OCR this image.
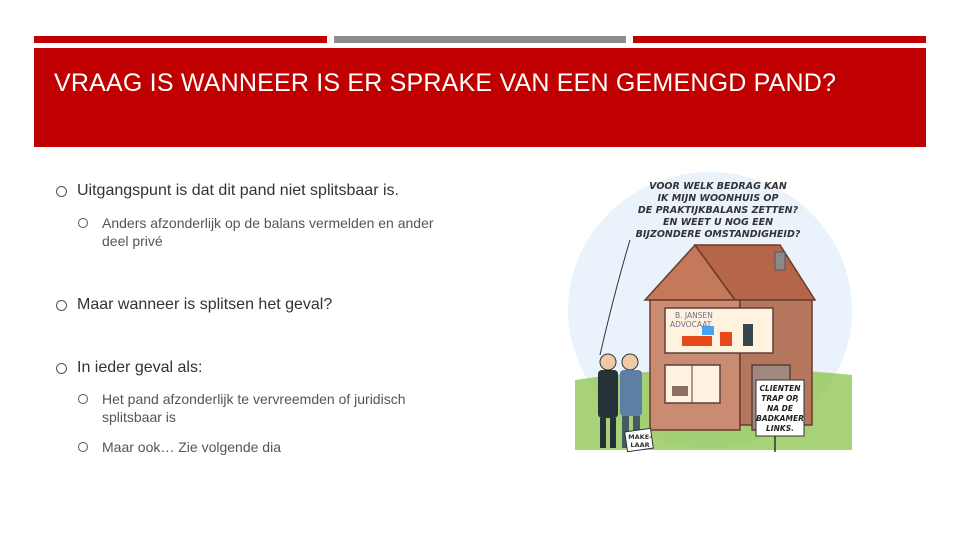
VRAAG IS WANNEER IS ER SPRAKE VAN EEN GEMENGD PAND?
Uitgangspunt is dat dit pand niet splitsbaar is.
Anders afzonderlijk op de balans vermelden en ander deel privé
Maar wanneer is splitsen het geval?
In ieder geval als:
Het pand afzonderlijk te vervreemden of juridisch splitsbaar is
Maar ook… Zie volgende dia
VOOR WELK BEDRAG KAN
IK MIJN WOONHUIS OP
DE PRAKTIJKBALANS ZETTEN?
EN WEET U NOG EEN
BIJZONDERE OMSTANDIGHEID?
B. JANSEN
ADVOCAAT
CLIENTEN
TRAP OP,
NA DE
BADKAMER
LINKS.
MAKE-
LAAR
